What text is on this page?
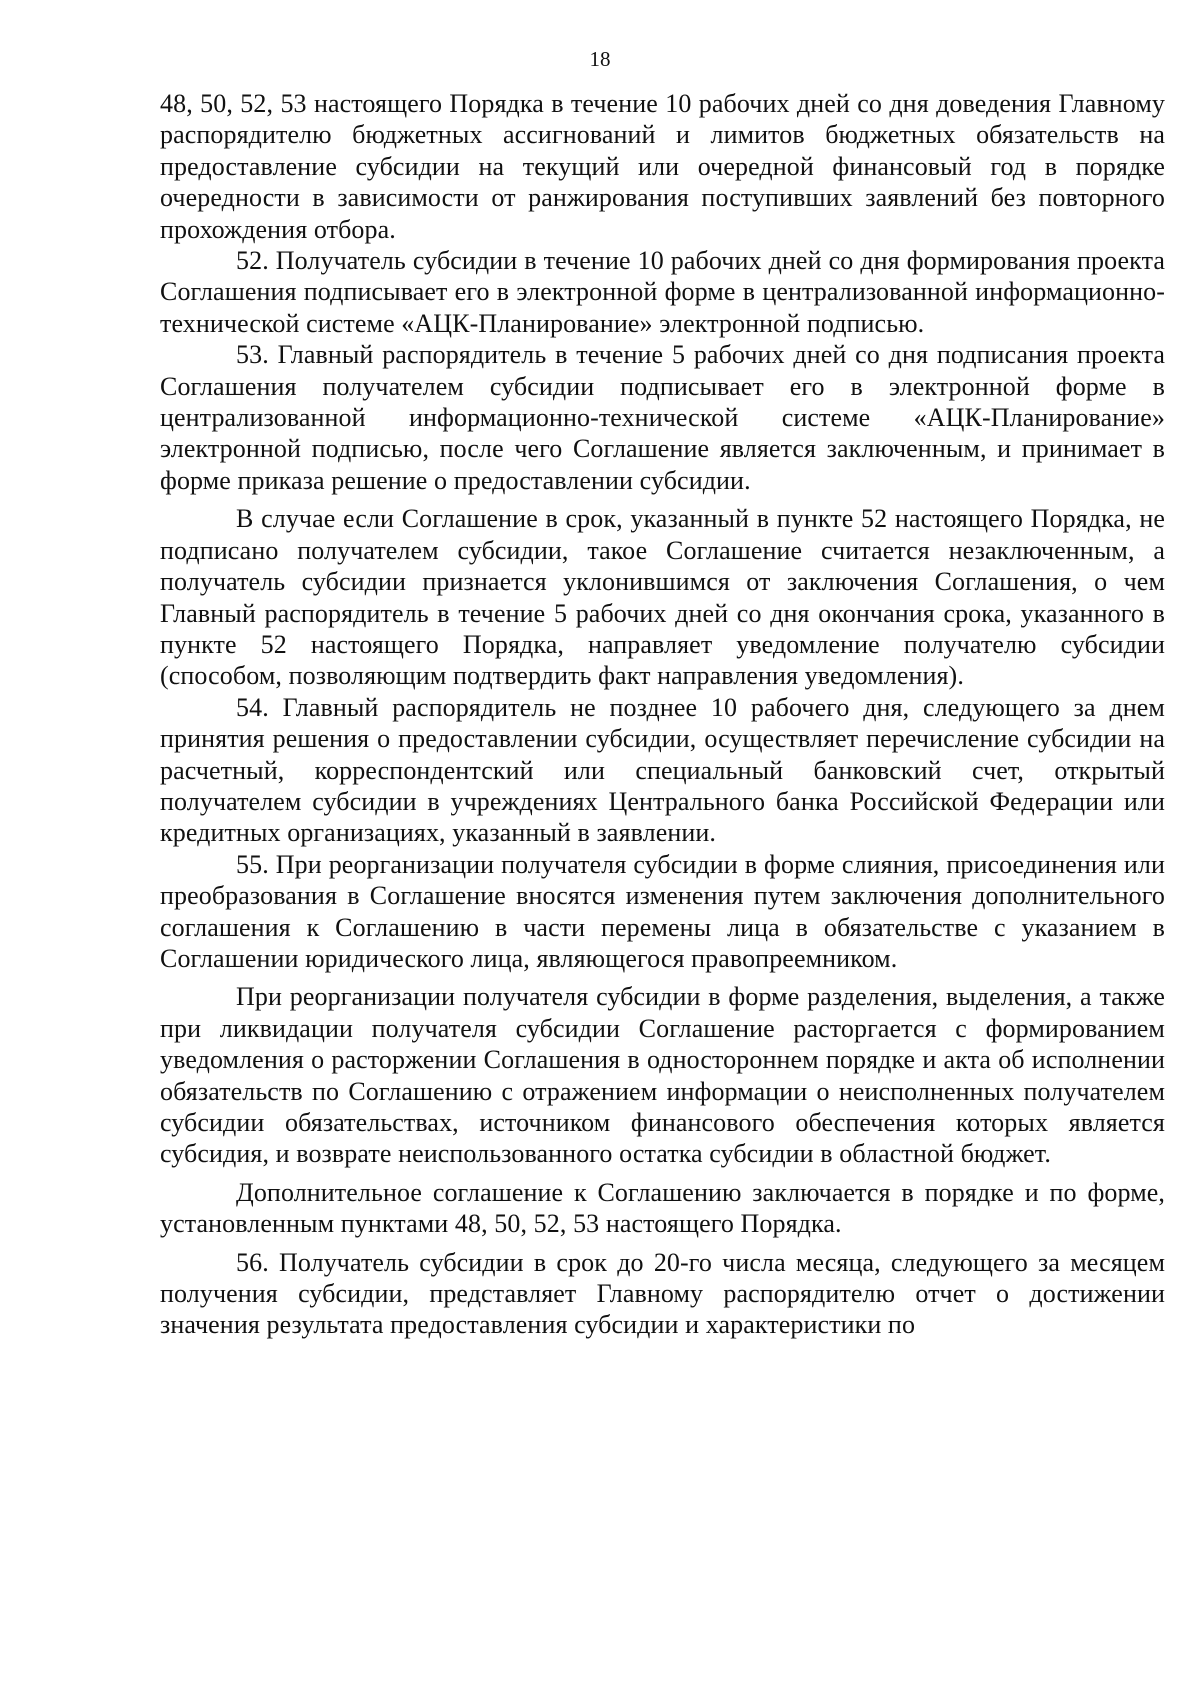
18

48, 50, 52, 53 настоящего Порядка в течение 10 рабочих дней со дня доведения Главному распорядителю бюджетных ассигнований и лимитов бюджетных обязательств на предоставление субсидии на текущий или очередной финансовый год в порядке очередности в зависимости от ранжирования поступивших заявлений без повторного прохождения отбора.

52. Получатель субсидии в течение 10 рабочих дней со дня формирования проекта Соглашения подписывает его в электронной форме в централизованной информационно-технической системе «АЦК-Планирование» электронной подписью.

53. Главный распорядитель в течение 5 рабочих дней со дня подписания проекта Соглашения получателем субсидии подписывает его в электронной форме в централизованной информационно-технической системе «АЦК-Планирование» электронной подписью, после чего Соглашение является заключенным, и принимает в форме приказа решение о предоставлении субсидии.

В случае если Соглашение в срок, указанный в пункте 52 настоящего Порядка, не подписано получателем субсидии, такое Соглашение считается незаключенным, а получатель субсидии признается уклонившимся от заключения Соглашения, о чем Главный распорядитель в течение 5 рабочих дней со дня окончания срока, указанного в пункте 52 настоящего Порядка, направляет уведомление получателю субсидии (способом, позволяющим подтвердить факт направления уведомления).

54. Главный распорядитель не позднее 10 рабочего дня, следующего за днем принятия решения о предоставлении субсидии, осуществляет перечисление субсидии на расчетный, корреспондентский или специальный банковский счет, открытый получателем субсидии в учреждениях Центрального банка Российской Федерации или кредитных организациях, указанный в заявлении.

55. При реорганизации получателя субсидии в форме слияния, присоединения или преобразования в Соглашение вносятся изменения путем заключения дополнительного соглашения к Соглашению в части перемены лица в обязательстве с указанием в Соглашении юридического лица, являющегося правопреемником.

При реорганизации получателя субсидии в форме разделения, выделения, а также при ликвидации получателя субсидии Соглашение расторгается с формированием уведомления о расторжении Соглашения в одностороннем порядке и акта об исполнении обязательств по Соглашению с отражением информации о неисполненных получателем субсидии обязательствах, источником финансового обеспечения которых является субсидия, и возврате неиспользованного остатка субсидии в областной бюджет.

Дополнительное соглашение к Соглашению заключается в порядке и по форме, установленным пунктами 48, 50, 52, 53 настоящего Порядка.

56. Получатель субсидии в срок до 20-го числа месяца, следующего за месяцем получения субсидии, представляет Главному распорядителю отчет о достижении значения результата предоставления субсидии и характеристики по
